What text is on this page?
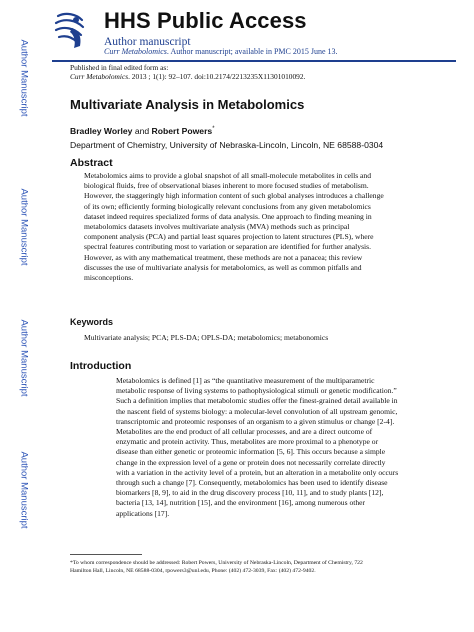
HHS Public Access
Author manuscript
Curr Metabolomics. Author manuscript; available in PMC 2015 June 13.
Published in final edited form as:
Curr Metabolomics. 2013 ; 1(1): 92–107. doi:10.2174/2213235X11301010092.
Author Manuscript
Author Manuscript
Author Manuscript
Author Manuscript
Multivariate Analysis in Metabolomics
Bradley Worley and Robert Powers*
Department of Chemistry, University of Nebraska-Lincoln, Lincoln, NE 68588-0304
Abstract
Metabolomics aims to provide a global snapshot of all small-molecule metabolites in cells and
biological fluids, free of observational biases inherent to more focused studies of metabolism.
However, the staggeringly high information content of such global analyses introduces a challenge
of its own; efficiently forming biologically relevant conclusions from any given metabolomics
dataset indeed requires specialized forms of data analysis. One approach to finding meaning in
metabolomics datasets involves multivariate analysis (MVA) methods such as principal
component analysis (PCA) and partial least squares projection to latent structures (PLS), where
spectral features contributing most to variation or separation are identified for further analysis.
However, as with any mathematical treatment, these methods are not a panacea; this review
discusses the use of multivariate analysis for metabolomics, as well as common pitfalls and
misconceptions.
Keywords
Multivariate analysis; PCA; PLS-DA; OPLS-DA; metabolomics; metabonomics
Introduction
Metabolomics is defined [1] as “the quantitative measurement of the multiparametric
metabolic response of living systems to pathophysiological stimuli or genetic modification.”
Such a definition implies that metabolomic studies offer the finest-grained detail available in
the nascent field of systems biology: a molecular-level convolution of all upstream genomic,
transcriptomic and proteomic responses of an organism to a given stimulus or change [2-4].
Metabolites are the end product of all cellular processes, and are a direct outcome of
enzymatic and protein activity. Thus, metabolites are more proximal to a phenotype or
disease than either genetic or proteomic information [5, 6]. This occurs because a simple
change in the expression level of a gene or protein does not necessarily correlate directly
with a variation in the activity level of a protein, but an alteration in a metabolite only occurs
through such a change [7]. Consequently, metabolomics has been used to identify disease
biomarkers [8, 9], to aid in the drug discovery process [10, 11], and to study plants [12],
bacteria [13, 14], nutrition [15], and the environment [16], among numerous other
applications [17].
*To whom correspondence should be addressed: Robert Powers, University of Nebraska-Lincoln, Department of Chemistry, 722
Hamilton Hall, Lincoln, NE 68588-0304, rpowers3@unl.edu, Phone: (402) 472-3039, Fax: (402) 472-9402.
